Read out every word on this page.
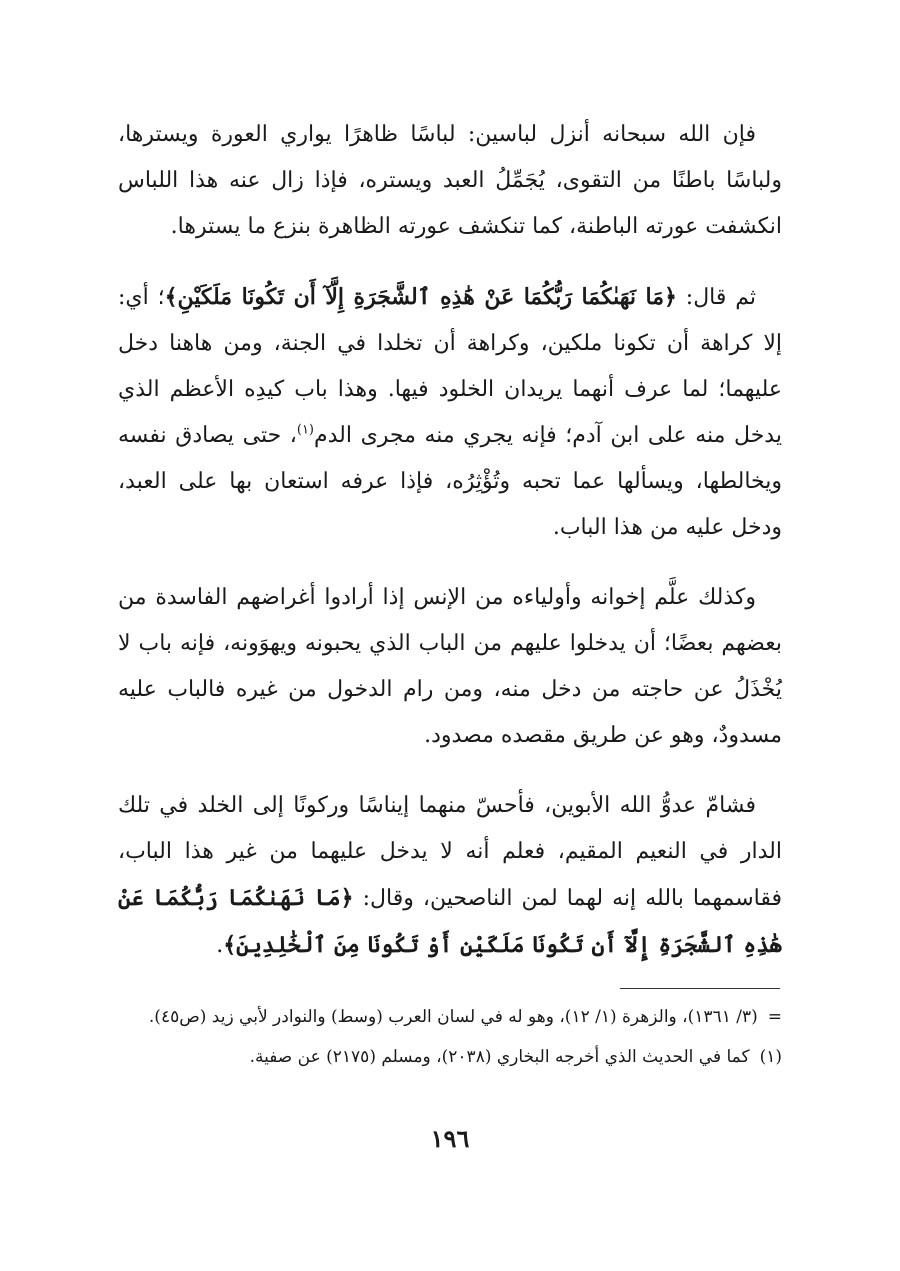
فإن الله سبحانه أنزل لباسين: لباسًا ظاهرًا يواري العورة ويسترها، ولباسًا باطنًا من التقوى، يُجَمِّلُ العبد ويستره، فإذا زال عنه هذا اللباس انكشفت عورته الباطنة، كما تنكشف عورته الظاهرة بنزع ما يسترها.

ثم قال: ﴿مَا نَهَىٰكُمَا رَبُّكُمَا عَنْ هَٰذِهِ ٱلشَّجَرَةِ إِلَّآ أَن تَكُونَا مَلَكَيْنِ﴾؛ أي: إلا كراهة أن تكونا ملكين، وكراهة أن تخلدا في الجنة، ومن هاهنا دخل عليهما؛ لما عرف أنهما يريدان الخلود فيها. وهذا باب كيدِه الأعظم الذي يدخل منه على ابن آدم؛ فإنه يجري منه مجرى الدم$^{(١)}$، حتى يصادق نفسه ويخالطها، ويسألها عما تحبه وتُؤْثِرُه، فإذا عرفه استعان بها على العبد، ودخل عليه من هذا الباب.

وكذلك علَّم إخوانه وأولياءه من الإنس إذا أرادوا أغراضهم الفاسدة من بعضهم بعضًا؛ أن يدخلوا عليهم من الباب الذي يحبونه ويهوَونه، فإنه باب لا يُخْذَلُ عن حاجته من دخل منه، ومن رام الدخول من غيره فالباب عليه مسدودٌ، وهو عن طريق مقصده مصدود.

فشامّ عدوُّ الله الأبوين، فأحسّ منهما إيناسًا وركونًا إلى الخلد في تلك الدار في النعيم المقيم، فعلم أنه لا يدخل عليهما من غير هذا الباب، فقاسمهما بالله إنه لهما لمن الناصحين، وقال: ﴿مَا نَهَىٰكُمَا رَبُّكُمَا عَنْ هَٰذِهِ ٱلشَّجَرَةِ إِلَّآ أَن تَكُونَا مَلَكَيْنِ أَوْ تَكُونَا مِنَ ٱلْخَٰلِدِينَ﴾.

=(٣/ ١٣٦١)، والزهرة (١/ ١٢)، وهو له في لسان العرب (وسط) والنوادر لأبي زيد (ص٤٥).

(١)كما في الحديث الذي أخرجه البخاري (٢٠٣٨)، ومسلم (٢١٧٥) عن صفية.

١٩٦
